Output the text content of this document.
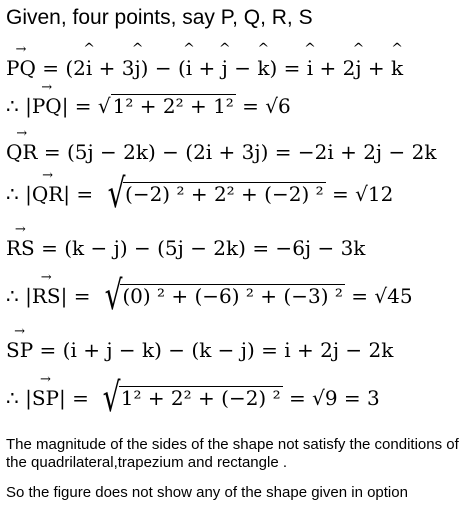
Given, four points, say P, Q, R, S
→ PQ = (2^ i + 3^ j) − (^ i + ^ j − ^ k) = ^ i + 2^ j + ^ k
∴ |→ PQ| = √ 1² + 2² + 1² = √6
→ QR = (5j − 2k) − (2i + 3j) = −2i + 2j − 2k
∴ |→ QR| = √(−2) ² + 2² + (−2) ² = √12
→ RS = (k − j) − (5j − 2k) = −6j − 3k
∴ |→ RS| = √(0) ² + (−6) ² + (−3) ² = √45
→ SP = (i + j − k) − (k − j) = i + 2j − 2k
∴ |→ SP| = √1² + 2² + (−2) ² = √9 = 3
The magnitude of the sides of the shape not satisfy the conditions of the quadrilateral,trapezium and rectangle .
So the figure does not show any of the shape given in option
